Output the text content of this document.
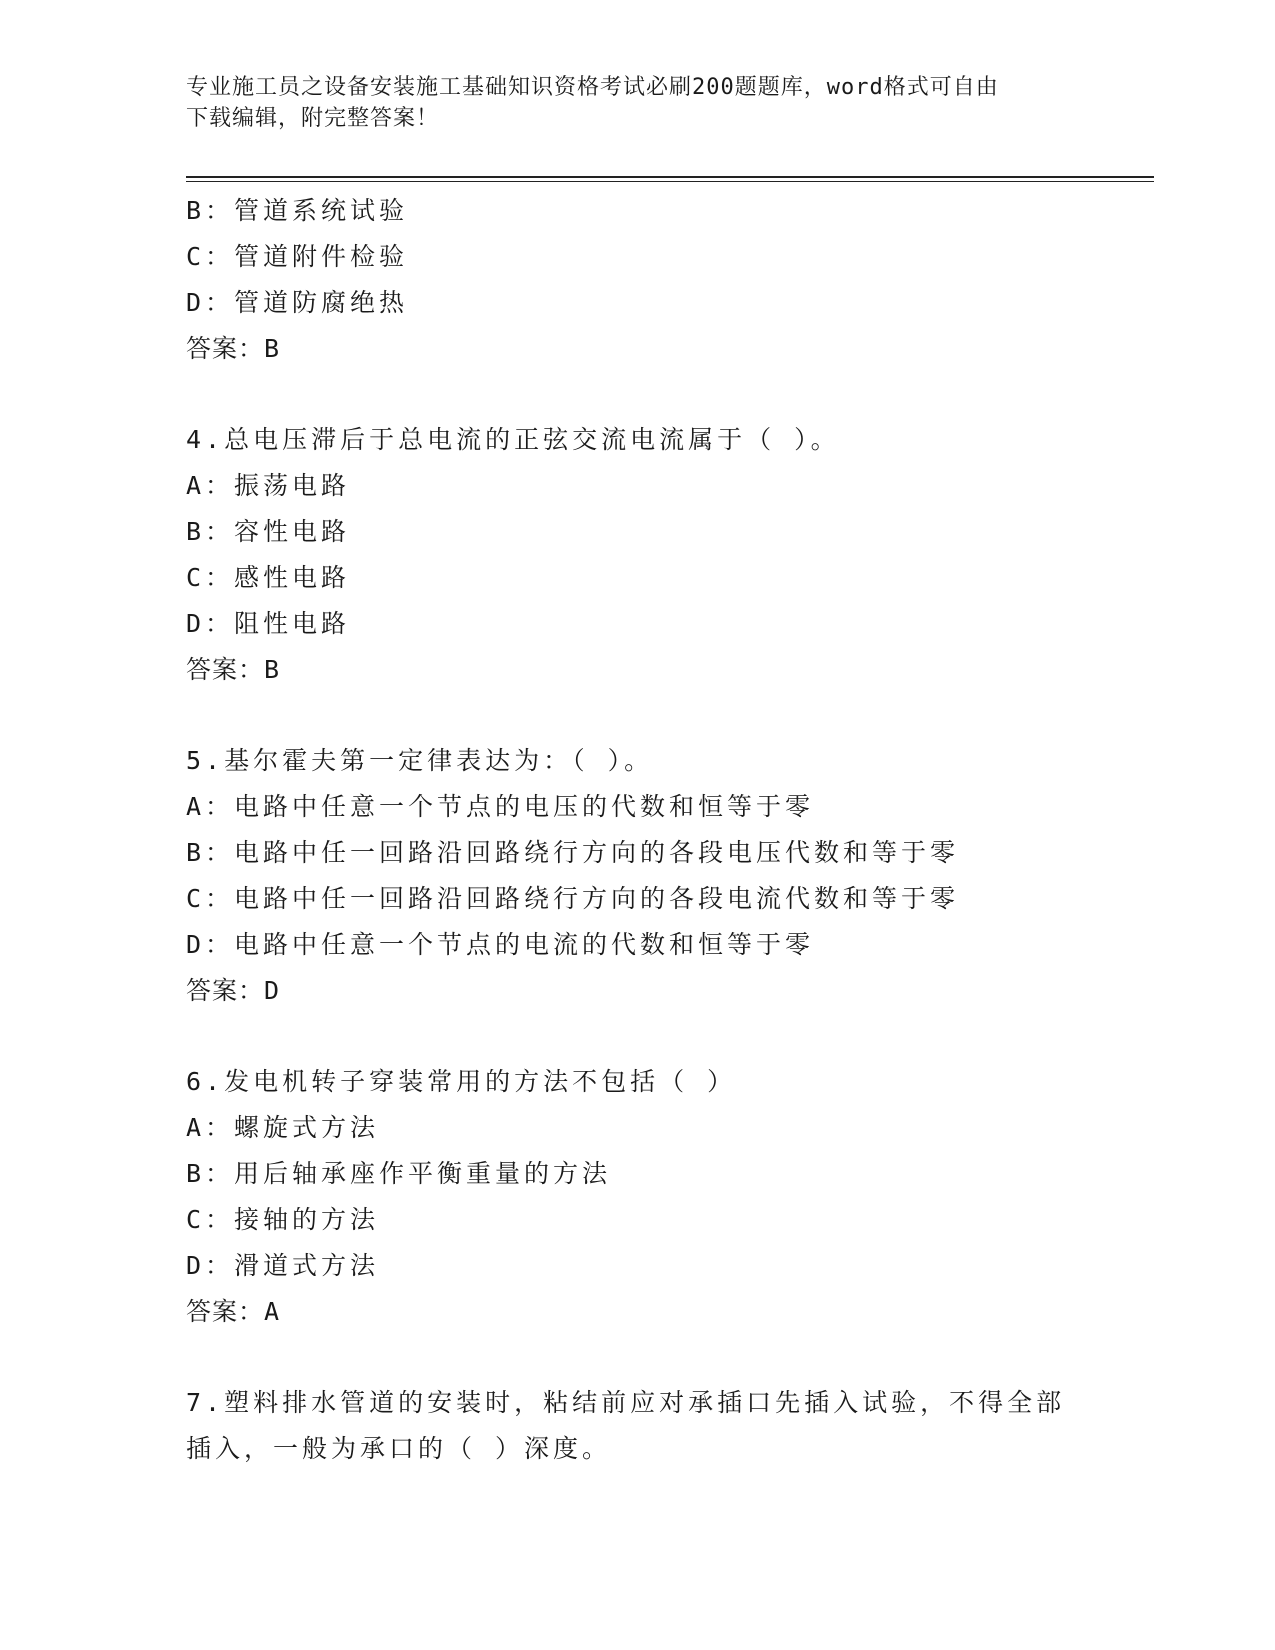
专业施工员之设备安装施工基础知识资格考试必刷200题题库，word格式可自由
下载编辑，附完整答案！
B：管道系统试验
C：管道附件检验
D：管道防腐绝热
答案：B
4.总电压滞后于总电流的正弦交流电流属于（ ）。
A：振荡电路
B：容性电路
C：感性电路
D：阻性电路
答案：B
5.基尔霍夫第一定律表达为：（ ）。
A：电路中任意一个节点的电压的代数和恒等于零
B：电路中任一回路沿回路绕行方向的各段电压代数和等于零
C：电路中任一回路沿回路绕行方向的各段电流代数和等于零
D：电路中任意一个节点的电流的代数和恒等于零
答案：D
6.发电机转子穿装常用的方法不包括（ ）
A：螺旋式方法
B：用后轴承座作平衡重量的方法
C：接轴的方法
D：滑道式方法
答案：A
7.塑料排水管道的安装时，粘结前应对承插口先插入试验，不得全部
插入，一般为承口的（ ）深度。
